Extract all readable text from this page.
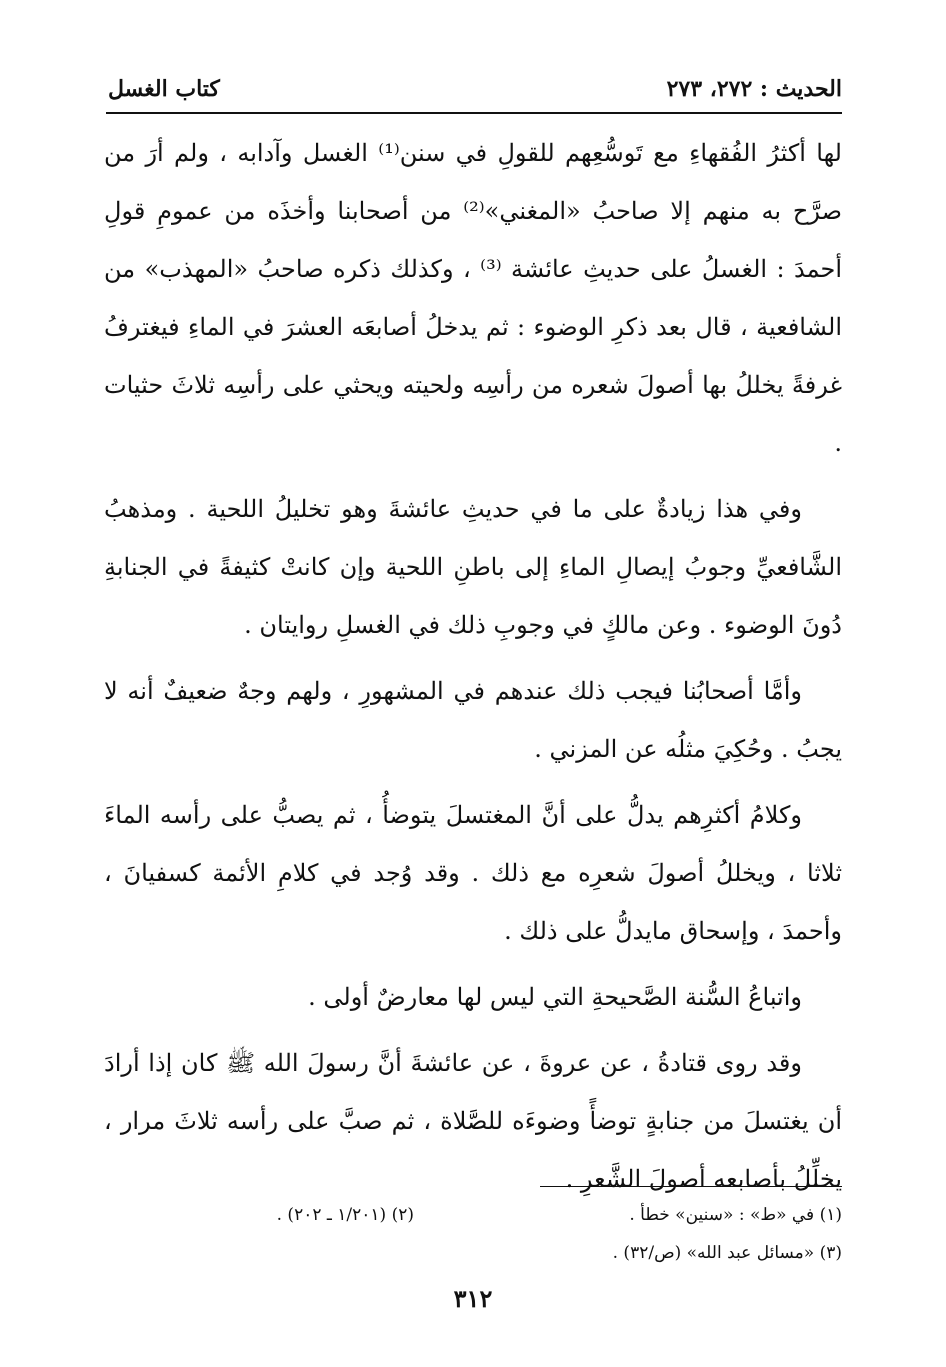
الحديث : ٢٧٢، ٢٧٣
كتاب الغسل

لها أكثرُ الفُقهاءِ مع تَوسُّعِهم للقولِ في سنن⁽¹⁾ الغسل وآدابه ، ولم أرَ من صرَّح به منهم إلا صاحبُ «المغني»⁽²⁾ من أصحابنا وأخذَه من عمومِ قولِ أحمدَ : الغسلُ على حديثِ عائشة ⁽³⁾ ، وكذلك ذكره صاحبُ «المهذب» من الشافعية ، قال بعد ذكرِ الوضوء : ثم يدخلُ أصابعَه العشرَ في الماءِ فيغترفُ غرفةً يخللُ بها أصولَ شعره من رأسِه ولحيته ويحثي على رأسِه ثلاثَ حثيات .

وفي هذا زيادةٌ على ما في حديثِ عائشةَ وهو تخليلُ اللحية . ومذهبُ الشَّافعيِّ وجوبُ إيصالِ الماءِ إلى باطنِ اللحية وإن كانتْ كثيفةً في الجنابةِ دُونَ الوضوء . وعن مالكٍ في وجوبِ ذلك في الغسلِ روايتان .

وأمَّا أصحابُنا فيجب ذلك عندهم في المشهورِ ، ولهم وجهٌ ضعيفٌ أنه لا يجبُ . وحُكِيَ مثلُه عن المزني .

وكلامُ أكثرِهم يدلُّ على أنَّ المغتسلَ يتوضأُ ، ثم يصبُّ على رأسه الماءَ ثلاثا ، ويخللُ أصولَ شعرِه مع ذلك . وقد وُجد في كلامِ الأئمة كسفيانَ ، وأحمدَ ، وإسحاق مايدلُّ على ذلك .

واتباعُ السُّنة الصَّحيحةِ التي ليس لها معارضٌ أولى .

وقد روى قتادةُ ، عن عروةَ ، عن عائشةَ أنَّ رسولَ الله ﷺ كان إذا أرادَ أن يغتسلَ من جنابةٍ توضأً وضوءَه للصَّلاة ، ثم صبَّ على رأسه ثلاثَ مرار ، يخلِّلُ بأصابعه أصولَ الشَّعرِ .

(١) في «ط» : «سنين» خطأ .
(٢) (١/٢٠١ ـ ٢٠٢) .
(٣) «مسائل عبد الله» (ص/٣٢) .
٣١٢
